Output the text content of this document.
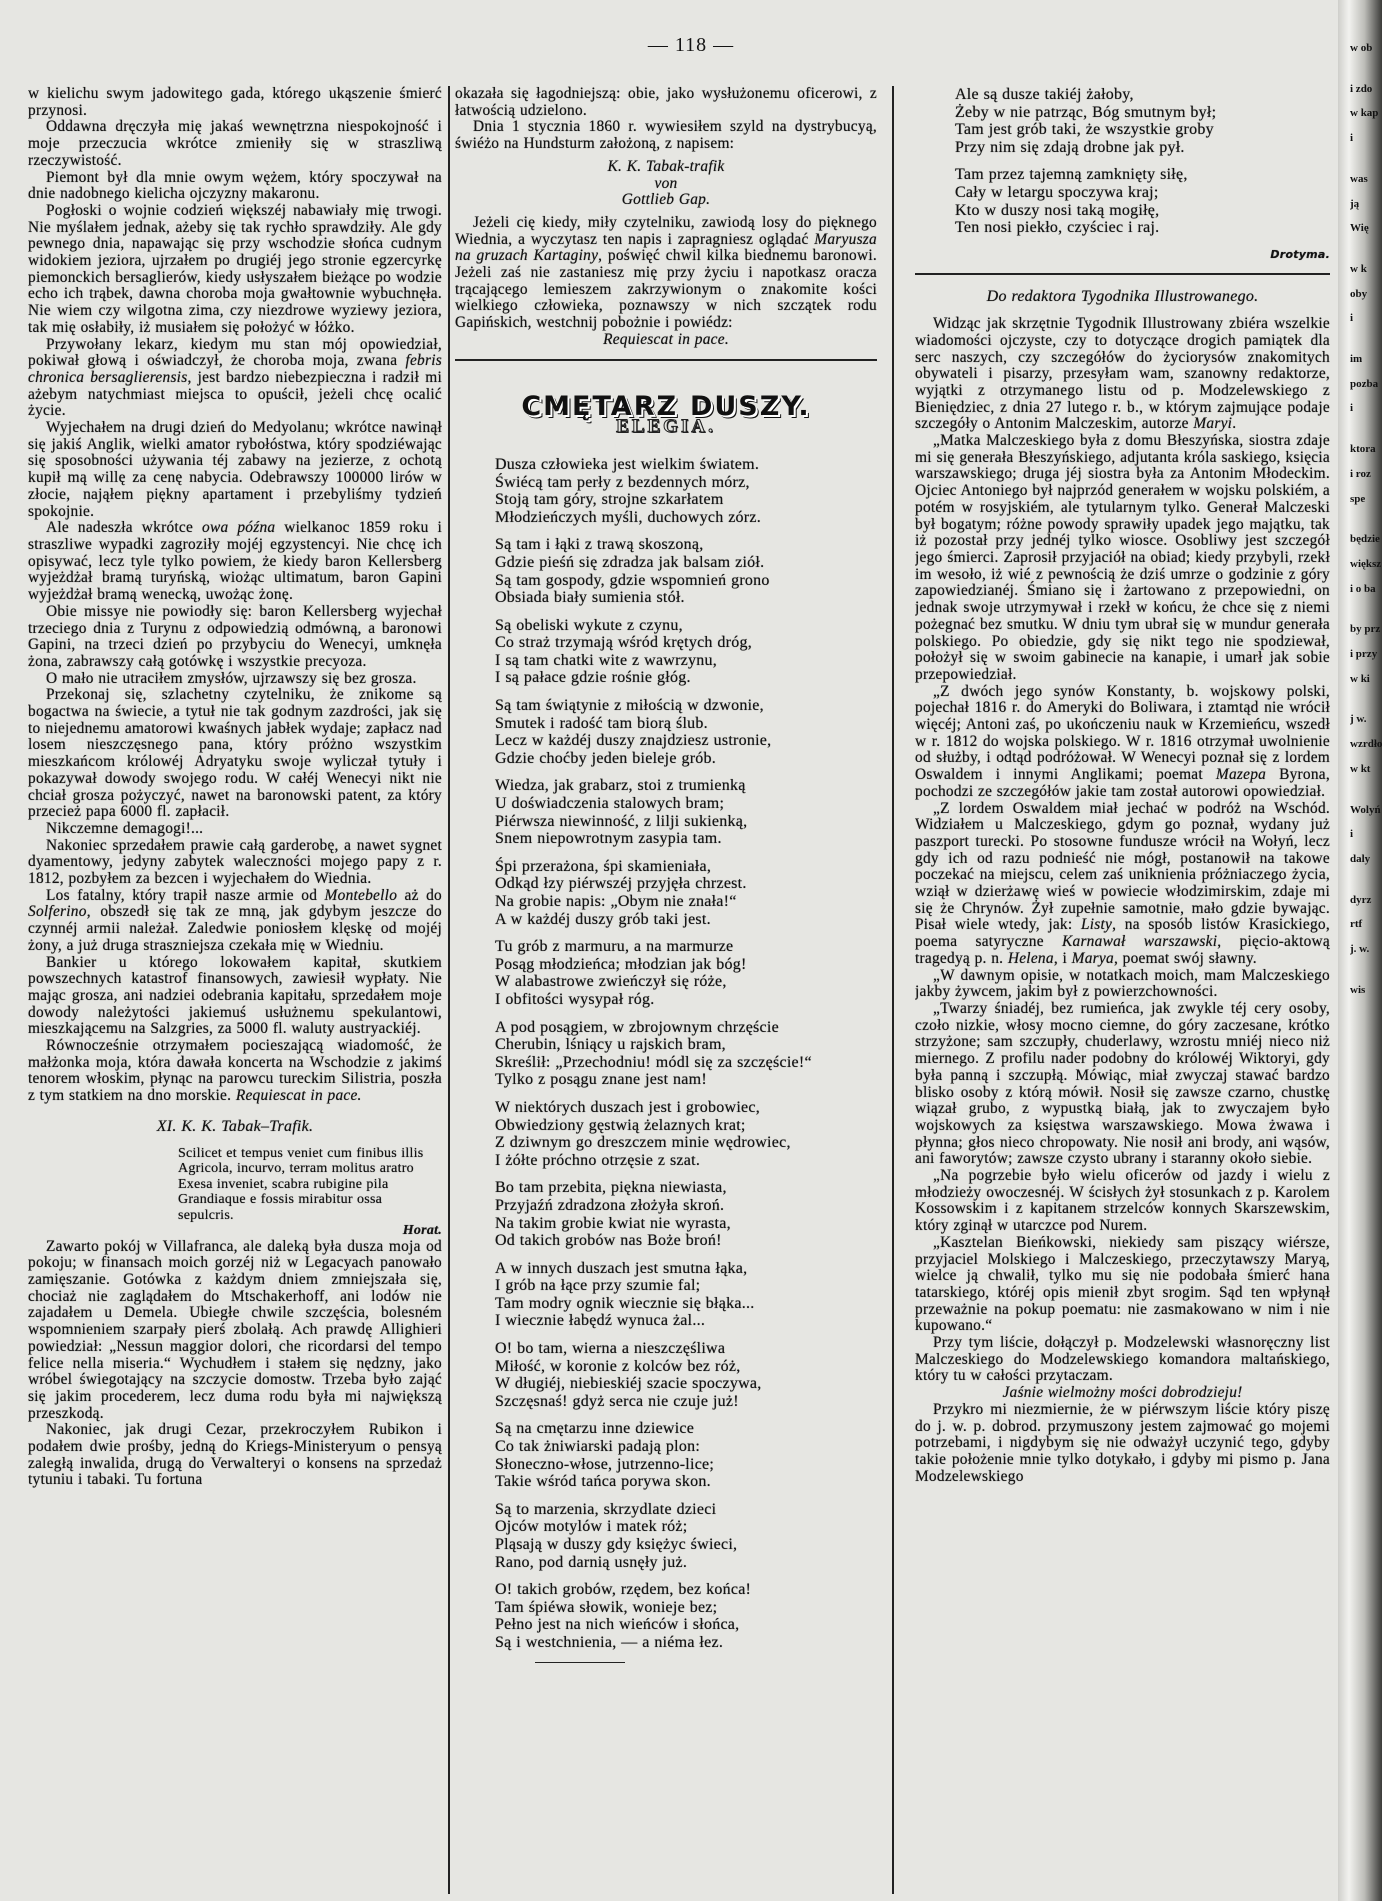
— 118 —

w kielichu swym jadowitego gada, którego ukąszenie śmierć przynosi.

Oddawna dręczyła mię jakaś wewnętrzna niespokojność i moje przeczucia wkrótce zmieniły się w straszliwą rzeczywistość.

Piemont był dla mnie owym wężem, który spoczywał na dnie nadobnego kielicha ojczyzny makaronu.

Pogłoski o wojnie codzień większéj nabawiały mię trwogi. Nie myślałem jednak, ażeby się tak rychło sprawdziły. Ale gdy pewnego dnia, napawając się przy wschodzie słońca cudnym widokiem jeziora, ujrzałem po drugiéj jego stronie egzercyrkę piemonckich bersaglierów, kiedy usłyszałem bieżące po wodzie echo ich trąbek, dawna choroba moja gwałtownie wybuchnęła. Nie wiem czy wilgotna zima, czy niezdrowe wyziewy jeziora, tak mię osłabiły, iż musiałem się położyć w łóżko.

Przywołany lekarz, kiedym mu stan mój opowiedział, pokiwał głową i oświadczył, że choroba moja, zwana febris chronica bersaglierensis, jest bardzo niebezpieczna i radził mi ażebym natychmiast miejsca to opuścił, jeżeli chcę ocalić życie.

Wyjechałem na drugi dzień do Medyolanu; wkrótce nawinął się jakiś Anglik, wielki amator rybołóstwa, który spodziéwając się sposobności używania téj zabawy na jezierze, z ochotą kupił mą willę za cenę nabycia. Odebrawszy 100000 lirów w złocie, nająłem piękny apartament i przebyliśmy tydzień spokojnie.

Ale nadeszła wkrótce owa późna wielkanoc 1859 roku i straszliwe wypadki zagroziły mojéj egzystencyi. Nie chcę ich opisywać, lecz tyle tylko powiem, że kiedy baron Kellersberg wyjeżdżał bramą turyńską, wiożąc ultimatum, baron Gapini wyjeżdżał bramą wenecką, uwożąc żonę.

Obie missye nie powiodły się: baron Kellersberg wyjechał trzeciego dnia z Turynu z odpowiedzią odmówną, a baronowi Gapini, na trzeci dzień po przybyciu do Wenecyi, umknęła żona, zabrawszy całą gotówkę i wszystkie precyoza.

O mało nie utraciłem zmysłów, ujrzawszy się bez grosza.

Przekonaj się, szlachetny czytelniku, że znikome są bogactwa na świecie, a tytuł nie tak godnym zazdrości, jak się to niejednemu amatorowi kwaśnych jabłek wydaje; zapłacz nad losem nieszczęsnego pana, który próżno wszystkim mieszkańcom królowéj Adryatyku swoje wyliczał tytuły i pokazywał dowody swojego rodu. W całéj Wenecyi nikt nie chciał grosza pożyczyć, nawet na baronowski patent, za który przecież papa 6000 fl. zapłacił.

Nikczemne demagogi!...

Nakoniec sprzedałem prawie całą garderobę, a nawet sygnet dyamentowy, jedyny zabytek waleczności mojego papy z r. 1812, pozbyłem za bezcen i wyjechałem do Wiednia.

Los fatalny, który trapił nasze armie od Montebello aż do Solferino, obszedł się tak ze mną, jak gdybym jeszcze do czynnéj armii należał. Zaledwie poniosłem klęskę od mojéj żony, a już druga straszniejsza czekała mię w Wiedniu.

Bankier u którego lokowałem kapitał, skutkiem powszechnych katastrof finansowych, zawiesił wypłaty. Nie mając grosza, ani nadziei odebrania kapitału, sprzedałem moje dowody należytości jakiemuś usłużnemu spekulantowi, mieszkającemu na Salzgries, za 5000 fl. waluty austryackiéj.

Równocześnie otrzymałem pocieszającą wiadomość, że małżonka moja, która dawała koncerta na Wschodzie z jakimś tenorem włoskim, płynąc na parowcu tureckim Silistria, poszła z tym statkiem na dno morskie. Requiescat in pace.

XI. K. K. Tabak–Trafik.
Scilicet et tempus veniet cum finibus illis
Agricola, incurvo, terram molitus aratro
Exesa inveniet, scabra rubigine pila
Grandiaque e fossis mirabitur ossa sepulcris.
Horat.

Zawarto pokój w Villafranca, ale daleką była dusza moja od pokoju; w finansach moich gorzéj niż w Legacyach panowało zamięszanie. Gotówka z każdym dniem zmniejszała się, chociaż nie zaglądałem do Mtschakerhoff, ani lodów nie zajadałem u Demela. Ubiegłe chwile szczęścia, bolesném wspomnieniem szarpały pierś zbolałą. Ach prawdę Allighieri powiedział: „Nessun maggior dolori, che ricordarsi del tempo felice nella miseria.“ Wychudłem i stałem się nędzny, jako wróbel świegotający na szczycie domostw. Trzeba było zająć się jakim procederem, lecz duma rodu była mi największą przeszkodą.

Nakoniec, jak drugi Cezar, przekroczyłem Rubikon i podałem dwie prośby, jedną do Kriegs-Ministeryum o pensyą zaległą inwalida, drugą do Verwalteryi o konsens na sprzedaż tytuniu i tabaki. Tu fortuna

okazała się łagodniejszą: obie, jako wysłużonemu oficerowi, z łatwością udzielono.

Dnia 1 stycznia 1860 r. wywiesiłem szyld na dystrybucyą, świéżo na Hundsturm założoną, z napisem:

K. K. Tabak-trafik

von

Gottlieb Gap.

Jeżeli cię kiedy, miły czytelniku, zawiodą losy do pięknego Wiednia, a wyczytasz ten napis i zapragniesz oglądać Maryusza na gruzach Kartaginy, poświęć chwil kilka biednemu baronowi. Jeżeli zaś nie zastaniesz mię przy życiu i napotkasz oracza trącającego lemieszem zakrzywionym o znakomite kości wielkiego człowieka, poznawszy w nich szczątek rodu Gapińskich, westchnij pobożnie i powiédz:

Requiescat in pace.

CMĘTARZ DUSZY.
ELEGIA.
Dusza człowieka jest wielkim światem.
Świécą tam perły z bezdennych mórz,
Stoją tam góry, strojne szkarłatem
Młodzieńczych myśli, duchowych zórz.
Są tam i łąki z trawą skoszoną,
Gdzie pieśń się zdradza jak balsam ziół.
Są tam gospody, gdzie wspomnień grono
Obsiada biały sumienia stół.
Są obeliski wykute z czynu,
Co straż trzymają wśród krętych dróg,
I są tam chatki wite z wawrzynu,
I są pałace gdzie rośnie głóg.
Są tam świątynie z miłością w dzwonie,
Smutek i radość tam biorą ślub.
Lecz w każdéj duszy znajdziesz ustronie,
Gdzie choćby jeden bieleje grób.
Wiedza, jak grabarz, stoi z trumienką
U doświadczenia stalowych bram;
Piérwsza niewinność, z lilji sukienką,
Snem niepowrotnym zasypia tam.
Śpi przerażona, śpi skamieniała,
Odkąd łzy piérwszéj przyjęła chrzest.
Na grobie napis: „Obym nie znała!“
A w każdéj duszy grób taki jest.
Tu grób z marmuru, a na marmurze
Posąg młodzieńca; młodzian jak bóg!
W alabastrowe zwieńczył się róże,
I obfitości wysypał róg.
A pod posągiem, w zbrojownym chrzęście
Cherubin, lśniący u rajskich bram,
Skreślił: „Przechodniu! módl się za szczęście!“
Tylko z posągu znane jest nam!
W niektórych duszach jest i grobowiec,
Obwiedziony gęstwią żelaznych krat;
Z dziwnym go dreszczem minie wędrowiec,
I żółte próchno otrzęsie z szat.
Bo tam przebita, piękna niewiasta,
Przyjaźń zdradzona złożyła skroń.
Na takim grobie kwiat nie wyrasta,
Od takich grobów nas Boże broń!
A w innych duszach jest smutna łąka,
I grób na łące przy szumie fal;
Tam modry ognik wiecznie się błąka...
I wiecznie łabędź wynuca żal...
O! bo tam, wierna a nieszczęśliwa
Miłość, w koronie z kolców bez róż,
W długiéj, niebieskiéj szacie spoczywa,
Szczęsnaś! gdyż serca nie czuje już!
Są na cmętarzu inne dziewice
Co tak żniwiarski padają plon:
Słoneczno-włose, jutrzenno-lice;
Takie wśród tańca porywa skon.
Są to marzenia, skrzydlate dzieci
Ojców motylów i matek róż;
Pląsają w duszy gdy księżyc świeci,
Rano, pod darnią usnęły już.
O! takich grobów, rzędem, bez końca!
Tam śpiéwa słowik, wonieje bez;
Pełno jest na nich wieńców i słońca,
Są i westchnienia, — a niéma łez.
Ale są dusze takiéj żałoby,
Żeby w nie patrząc, Bóg smutnym był;
Tam jest grób taki, że wszystkie groby
Przy nim się zdają drobne jak pył.
Tam przez tajemną zamknięty siłę,
Cały w letargu spoczywa kraj;
Kto w duszy nosi taką mogiłę,
Ten nosi piekło, czyściec i raj.
Drotyma.
Do redaktora Tygodnika Illustrowanego.

Widząc jak skrzętnie Tygodnik Illustrowany zbiéra wszelkie wiadomości ojczyste, czy to dotyczące drogich pamiątek dla serc naszych, czy szczegółów do życiorysów znakomitych obywateli i pisarzy, przesyłam wam, szanowny redaktorze, wyjątki z otrzymanego listu od p. Modzelewskiego z Bieniędziec, z dnia 27 lutego r. b., w którym zajmujące podaje szczegóły o Antonim Malczeskim, autorze Maryi.

„Matka Malczeskiego była z domu Błeszyńska, siostra zdaje mi się generała Błeszyńskiego, adjutanta króla saskiego, księcia warszawskiego; druga jéj siostra była za Antonim Młodeckim. Ojciec Antoniego był najprzód generałem w wojsku polskiém, a potém w rosyjskiém, ale tytularnym tylko. Generał Malczeski był bogatym; różne powody sprawiły upadek jego majątku, tak iż pozostał przy jednéj tylko wiosce. Osobliwy jest szczegół jego śmierci. Zaprosił przyjaciół na obiad; kiedy przybyli, rzekł im wesoło, iż wié z pewnością że dziś umrze o godzinie z góry zapowiedzianéj. Śmiano się i żartowano z przepowiedni, on jednak swoje utrzymywał i rzekł w końcu, że chce się z niemi pożegnać bez smutku. W dniu tym ubrał się w mundur generała polskiego. Po obiedzie, gdy się nikt tego nie spodziewał, położył się w swoim gabinecie na kanapie, i umarł jak sobie przepowiedział.

„Z dwóch jego synów Konstanty, b. wojskowy polski, pojechał 1816 r. do Ameryki do Boliwara, i ztamtąd nie wrócił więcéj; Antoni zaś, po ukończeniu nauk w Krzemieńcu, wszedł w r. 1812 do wojska polskiego. W r. 1816 otrzymał uwolnienie od służby, i odtąd podróżował. W Wenecyi poznał się z lordem Oswaldem i innymi Anglikami; poemat Mazepa Byrona, pochodzi ze szczegółów jakie tam został autorowi opowiedział.

„Z lordem Oswaldem miał jechać w podróż na Wschód. Widziałem u Malczeskiego, gdym go poznał, wydany już paszport turecki. Po stosowne fundusze wrócił na Wołyń, lecz gdy ich od razu podnieść nie mógł, postanowił na takowe poczekać na miejscu, celem zaś uniknienia próżniaczego życia, wziął w dzierżawę wieś w powiecie włodzimirskim, zdaje mi się że Chrynów. Żył zupełnie samotnie, mało gdzie bywając. Pisał wiele wtedy, jak: Listy, na sposób listów Krasickiego, poema satyryczne Karnawał warszawski, pięcio-aktową tragedyą p. n. Helena, i Marya, poemat swój sławny.

„W dawnym opisie, w notatkach moich, mam Malczeskiego jakby żywcem, jakim był z powierzchowności.

„Twarzy śniadéj, bez rumieńca, jak zwykle téj cery osoby, czoło nizkie, włosy mocno ciemne, do góry zaczesane, krótko strzyżone; sam szczupły, chuderlawy, wzrostu mniéj nieco niż miernego. Z profilu nader podobny do królowéj Wiktoryi, gdy była panną i szczupłą. Mówiąc, miał zwyczaj stawać bardzo blisko osoby z którą mówił. Nosił się zawsze czarno, chustkę wiązał grubo, z wypustką białą, jak to zwyczajem było wojskowych za księstwa warszawskiego. Mowa żwawa i płynna; głos nieco chropowaty. Nie nosił ani brody, ani wąsów, ani faworytów; zawsze czysto ubrany i staranny około siebie.

„Na pogrzebie było wielu oficerów od jazdy i wielu z młodzieży owoczesnéj. W ścisłych żył stosunkach z p. Karolem Kossowskim i z kapitanem strzelców konnych Skarszewskim, który zginął w utarczce pod Nurem.

„Kasztelan Bieńkowski, niekiedy sam piszący wiérsze, przyjaciel Molskiego i Malczeskiego, przeczytawszy Maryą, wielce ją chwalił, tylko mu się nie podobała śmierć hana tatarskiego, któréj opis mienił zbyt srogim. Sąd ten wpłynął przeważnie na pokup poematu: nie zasmakowano w nim i nie kupowano.“

Przy tym liście, dołączył p. Modzelewski własnoręczny list Malczeskiego do Modzelewskiego komandora maltańskiego, który tu w całości przytaczam.

Jaśnie wielmożny mości dobrodzieju!

Przykro mi niezmiernie, że w piérwszym liście który piszę do j. w. p. dobrod. przymuszony jestem zajmować go mojemi potrzebami, i nigdybym się nie odważył uczynić tego, gdyby takie położenie mnie tylko dotykało, i gdyby mi pismo p. Jana Modzelewskiego

w ob
i zdo
w kap
i
was
ją
Wię
w k
oby
i
im
pozba
i
ktora
i roz
spe
będzie
większ
i o ba
by prz
i przy
w ki
j w.
wzrdło
w kt
Wolyń
i
daly
dyrz
rtf
j. w.
wis
